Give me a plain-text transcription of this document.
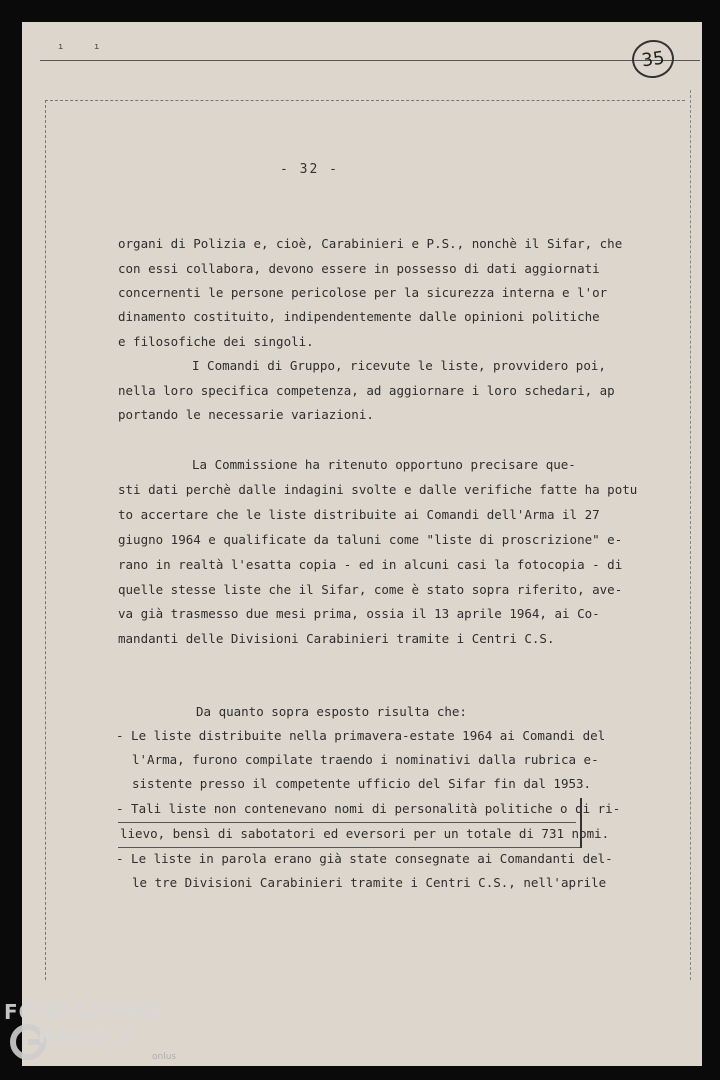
ı	ı
35
- 32 -
organi di Polizia e, cioè, Carabinieri e P.S., nonchè il Sifar, che
con essi collabora, devono essere in possesso di dati aggiornati
concernenti le persone pericolose per la sicurezza interna e l'or
dinamento costituito, indipendentemente dalle opinioni politiche
e filosofiche dei singoli.
I Comandi di Gruppo, ricevute le liste, provvidero poi,
nella loro specifica competenza, ad aggiornare i loro schedari, ap
portando le necessarie variazioni.
La Commissione ha ritenuto opportuno precisare que-
sti dati perchè dalle indagini svolte e dalle verifiche fatte ha potu
to accertare che le liste distribuite ai Comandi dell'Arma il 27
giugno 1964 e qualificate da taluni come "liste di proscrizione" e-
rano in realtà l'esatta copia - ed in alcuni casi la fotocopia - di
quelle stesse liste che il Sifar, come è stato sopra riferito, ave-
va già trasmesso due mesi prima, ossia il 13 aprile 1964, ai Co-
mandanti delle Divisioni Carabinieri tramite i Centri C.S.
Da quanto sopra esposto risulta che:
- Le liste distribuite nella primavera-estate 1964 ai Comandi del
l'Arma, furono compilate traendo i nominativi dalla rubrica e-
sistente presso il competente ufficio del Sifar fin dal 1953.
- Tali liste non contenevano nomi di personalità politiche o di ri-
lievo, bensì di sabotatori ed eversori per un totale di 731 nomi.
- Le liste in parola erano già state consegnate ai Comandanti del-
le tre Divisioni Carabinieri tramite i Centri C.S., nell'aprile
FONDAZIONE
RAMSCI
onlus
